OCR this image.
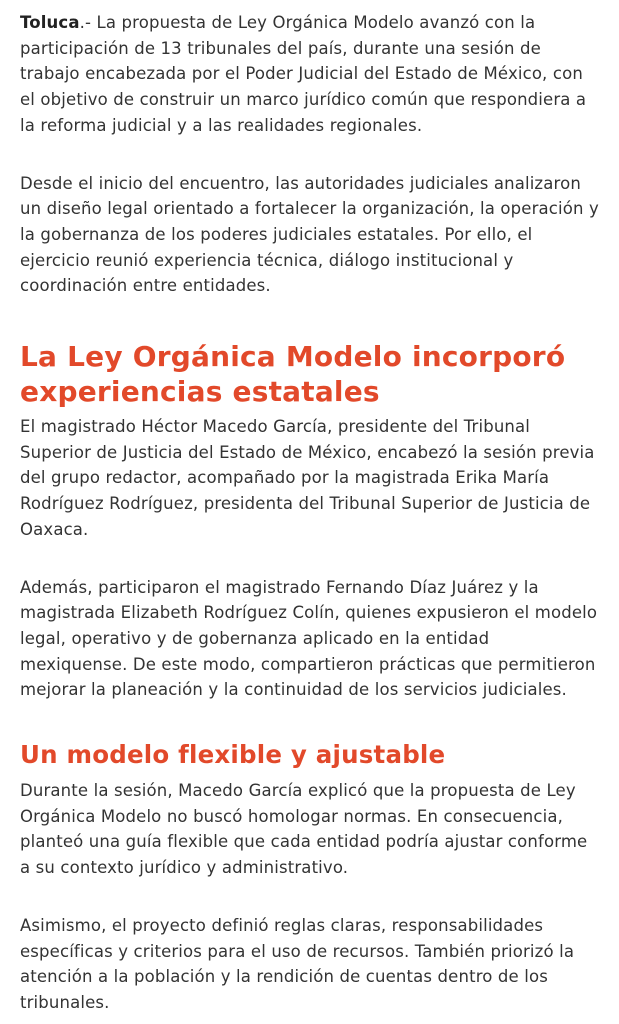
Toluca.- La propuesta de Ley Orgánica Modelo avanzó con la participación de 13 tribunales del país, durante una sesión de trabajo encabezada por el Poder Judicial del Estado de México, con el objetivo de construir un marco jurídico común que respondiera a la reforma judicial y a las realidades regionales.

Desde el inicio del encuentro, las autoridades judiciales analizaron un diseño legal orientado a fortalecer la organización, la operación y la gobernanza de los poderes judiciales estatales. Por ello, el ejercicio reunió experiencia técnica, diálogo institucional y coordinación entre entidades.

La Ley Orgánica Modelo incorporó experiencias estatales

El magistrado Héctor Macedo García, presidente del Tribunal Superior de Justicia del Estado de México, encabezó la sesión previa del grupo redactor, acompañado por la magistrada Erika María Rodríguez Rodríguez, presidenta del Tribunal Superior de Justicia de Oaxaca.

Además, participaron el magistrado Fernando Díaz Juárez y la magistrada Elizabeth Rodríguez Colín, quienes expusieron el modelo legal, operativo y de gobernanza aplicado en la entidad mexiquense. De este modo, compartieron prácticas que permitieron mejorar la planeación y la continuidad de los servicios judiciales.

Un modelo flexible y ajustable

Durante la sesión, Macedo García explicó que la propuesta de Ley Orgánica Modelo no buscó homologar normas. En consecuencia, planteó una guía flexible que cada entidad podría ajustar conforme a su contexto jurídico y administrativo.

Asimismo, el proyecto definió reglas claras, responsabilidades específicas y criterios para el uso de recursos. También priorizó la atención a la población y la rendición de cuentas dentro de los tribunales.
